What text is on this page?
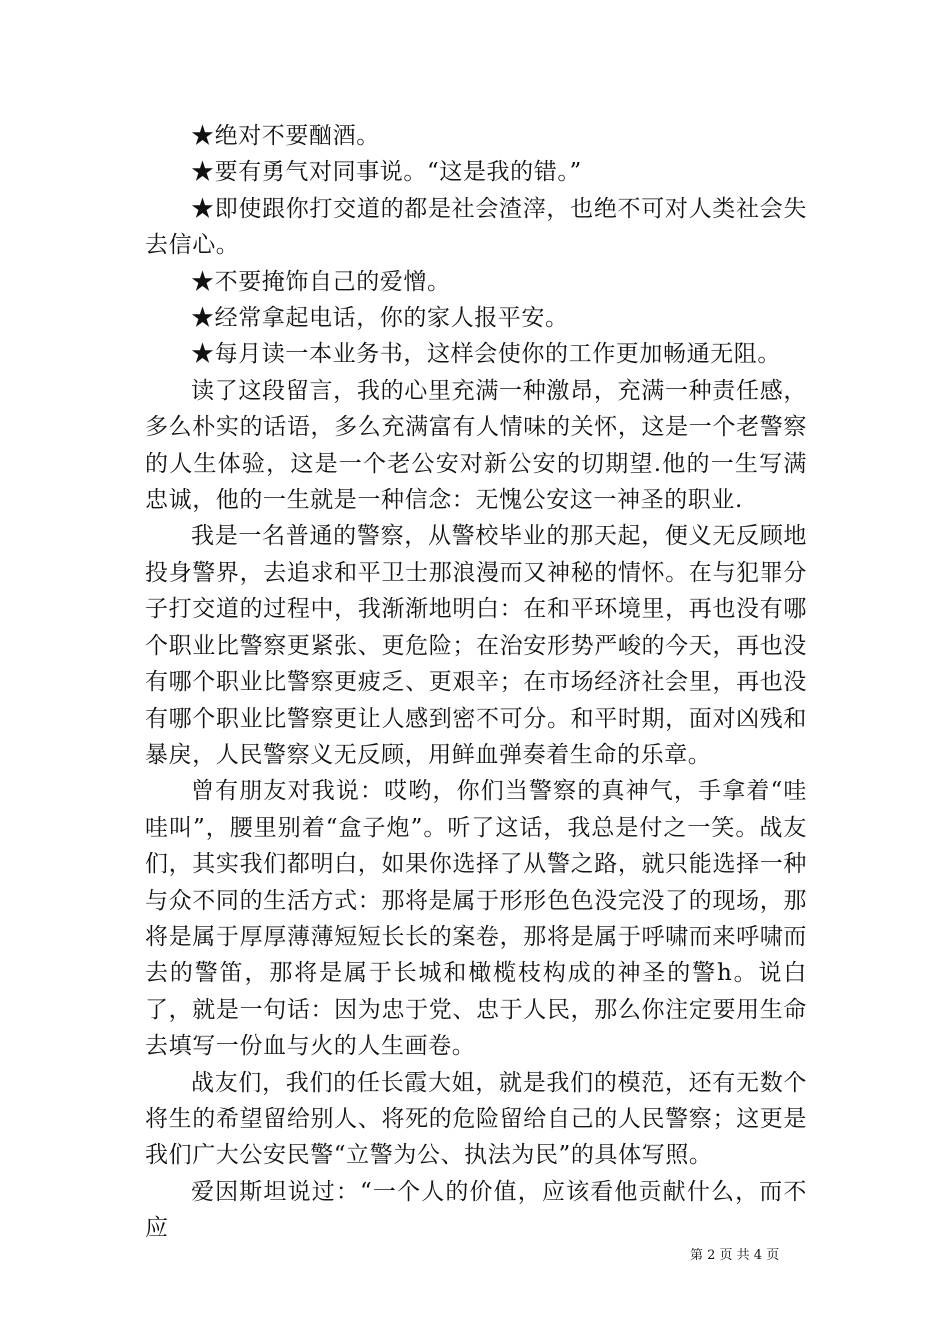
★绝对不要酗酒。

★要有勇气对同事说。“这是我的错。”

★即使跟你打交道的都是社会渣滓，也绝不可对人类社会失去信心。

★不要掩饰自己的爱憎。

★经常拿起电话，你的家人报平安。

★每月读一本业务书，这样会使你的工作更加畅通无阻。

读了这段留言，我的心里充满一种激昂，充满一种责任感，多么朴实的话语，多么充满富有人情味的关怀，这是一个老警察的人生体验，这是一个老公安对新公安的切期望.他的一生写满忠诚，他的一生就是一种信念：无愧公安这一神圣的职业.

我是一名普通的警察，从警校毕业的那天起，便义无反顾地投身警界，去追求和平卫士那浪漫而又神秘的情怀。在与犯罪分子打交道的过程中，我渐渐地明白：在和平环境里，再也没有哪个职业比警察更紧张、更危险；在治安形势严峻的今天，再也没有哪个职业比警察更疲乏、更艰辛；在市场经济社会里，再也没有哪个职业比警察更让人感到密不可分。和平时期，面对凶残和暴戾，人民警察义无反顾，用鲜血弹奏着生命的乐章。

曾有朋友对我说：哎哟，你们当警察的真神气，手拿着“哇哇叫”，腰里别着“盒子炮”。听了这话，我总是付之一笑。战友们，其实我们都明白，如果你选择了从警之路，就只能选择一种与众不同的生活方式：那将是属于形形色色没完没了的现场，那将是属于厚厚薄薄短短长长的案卷，那将是属于呼啸而来呼啸而去的警笛，那将是属于长城和橄榄枝构成的神圣的警h。说白了，就是一句话：因为忠于党、忠于人民，那么你注定要用生命去填写一份血与火的人生画卷。

战友们，我们的任长霞大姐，就是我们的模范，还有无数个将生的希望留给别人、将死的危险留给自己的人民警察；这更是我们广大公安民警“立警为公、执法为民”的具体写照。

爱因斯坦说过：“一个人的价值，应该看他贡献什么，而不应

第 2 页 共 4 页
